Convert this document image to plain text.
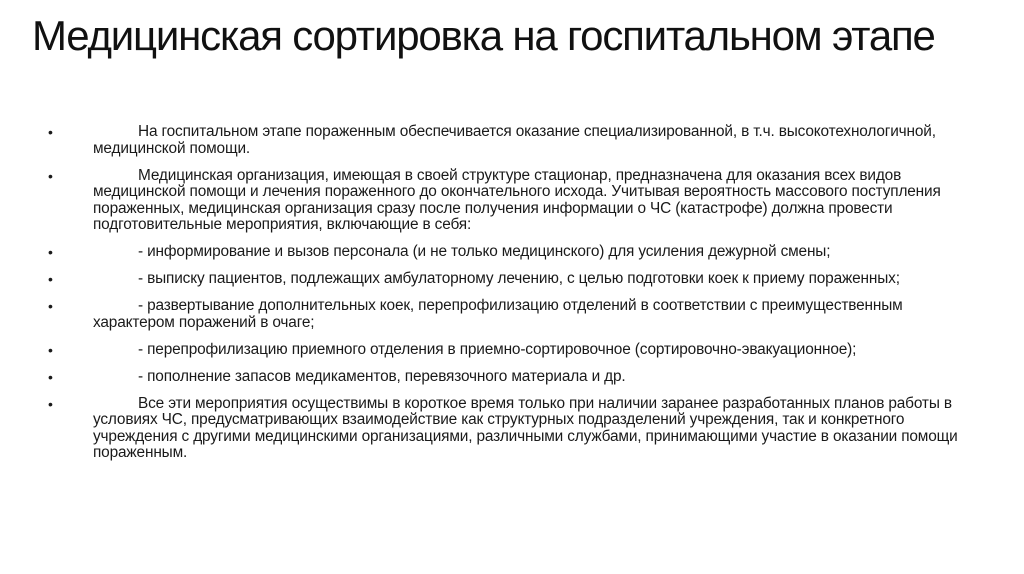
Медицинская сортировка на госпитальном этапе
•	На госпитальном этапе пораженным обеспечивается оказание специализированной, в т.ч. высокотехнологичной, медицинской помощи.
•	Медицинская организация, имеющая в своей структуре стационар, предназначена для оказания всех видов медицинской помощи и лечения пораженного до окончательного исхода. Учитывая вероятность массового поступления пораженных, медицинская организация сразу после получения информации о ЧС (катастрофе) должна провести подготовительные мероприятия, включающие в себя:
•	- информирование и вызов персонала (и не только медицинского) для усиления дежурной смены;
•	- выписку пациентов, подлежащих амбулаторному лечению, с целью подготовки коек к приему пораженных;
•	- развертывание дополнительных коек, перепрофилизацию отделений в соответствии с преимущественным характером поражений в очаге;
•	- перепрофилизацию приемного отделения в приемно-сортировочное (сортировочно-эвакуационное);
•	- пополнение запасов медикаментов, перевязочного материала и др.
•	Все эти мероприятия осуществимы в короткое время только при наличии заранее разработанных планов работы в условиях ЧС, предусматривающих взаимодействие как структурных подразделений учреждения, так и конкретного учреждения с другими медицинскими организациями, различными службами, принимающими участие в оказании помощи пораженным.
